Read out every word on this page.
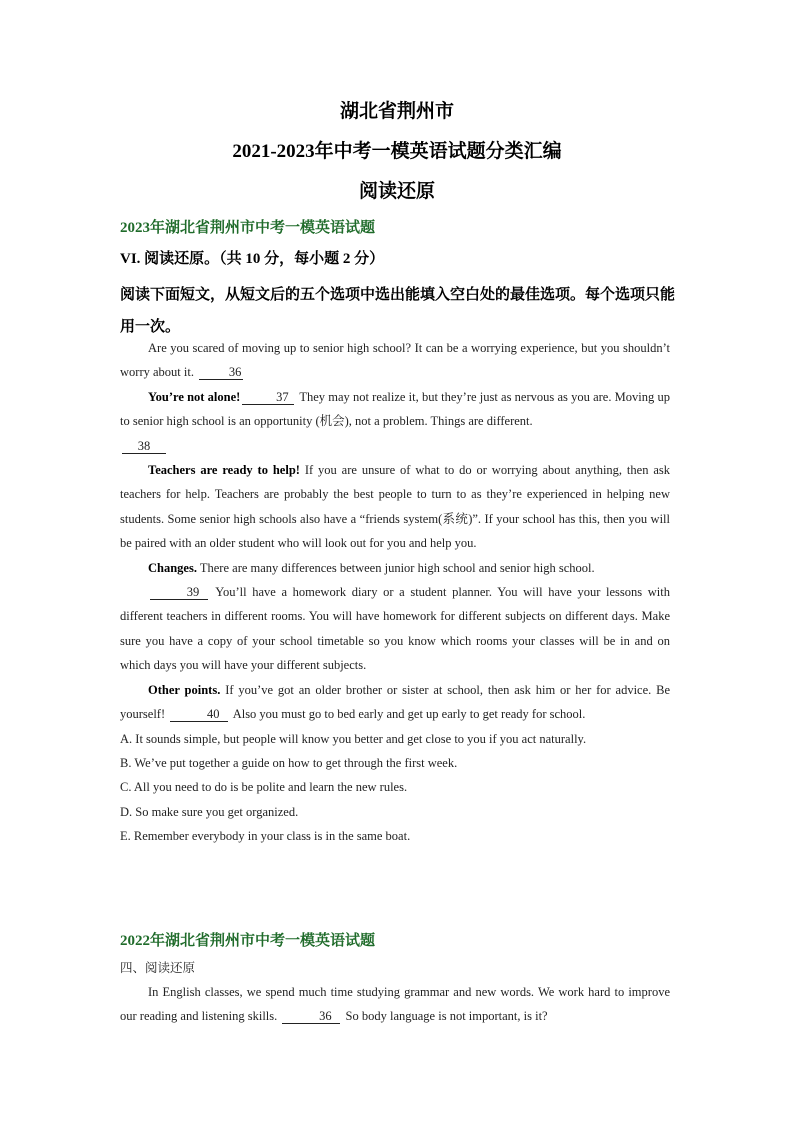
湖北省荆州市
2021-2023年中考一模英语试题分类汇编
阅读还原
2023年湖北省荆州市中考一模英语试题
VI. 阅读还原。（共 10 分，每小题 2 分）
阅读下面短文，从短文后的五个选项中选出能填入空白处的最佳选项。每个选项只能用一次。

Are you scared of moving up to senior high school? It can be a worrying experience, but you shouldn’t worry about it.	36

You’re not alone!	37 They may not realize it, but they’re just as nervous as you are. Moving up to senior high school is an opportunity (机会), not a problem. Things are different.

38

Teachers are ready to help! If you are unsure of what to do or worrying about anything, then ask teachers for help. Teachers are probably the best people to turn to as they’re experienced in helping new students. Some senior high schools also have a “friends system(系统)”. If your school has this, then you will be paired with an older student who will look out for you and help you.

Changes. There are many differences between junior high school and senior high school.

39 You’ll have a homework diary or a student planner. You will have your lessons with different teachers in different rooms. You will have homework for different subjects on different days. Make sure you have a copy of your school timetable so you know which rooms your classes will be in and on which days you will have your different subjects.

Other points. If you’ve got an older brother or sister at school, then ask him or her for advice. Be yourself!	40 Also you must go to bed early and get up early to get ready for school.

A. It sounds simple, but people will know you better and get close to you if you act naturally.

B. We’ve put together a guide on how to get through the first week.

C. All you need to do is be polite and learn the new rules.

D. So make sure you get organized.

E. Remember everybody in your class is in the same boat.

2022年湖北省荆州市中考一模英语试题

四、阅读还原

In English classes, we spend much time studying grammar and new words. We work hard to improve our reading and listening skills.	36 So body language is not important, is it?
